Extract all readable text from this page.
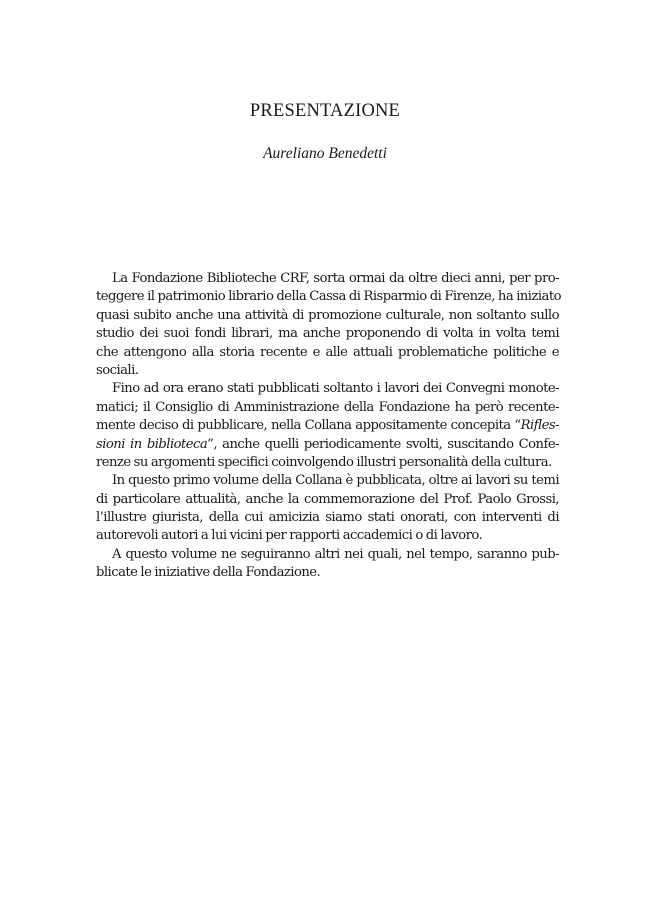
PRESENTAZIONE
Aureliano Benedetti
La Fondazione Biblioteche CRF, sorta ormai da oltre dieci anni, per pro-
teggere il patrimonio librario della Cassa di Risparmio di Firenze, ha iniziato
quasi subito anche una attività di promozione culturale, non soltanto sullo
studio dei suoi fondi librari, ma anche proponendo di volta in volta temi
che attengono alla storia recente e alle attuali problematiche politiche e
sociali.
Fino ad ora erano stati pubblicati soltanto i lavori dei Convegni monote-
matici; il Consiglio di Amministrazione della Fondazione ha però recente-
mente deciso di pubblicare, nella Collana appositamente concepita “Rifles-
sioni in biblioteca”, anche quelli periodicamente svolti, suscitando Confe-
renze su argomenti specifici coinvolgendo illustri personalità della cultura.
In questo primo volume della Collana è pubblicata, oltre ai lavori su temi
di particolare attualità, anche la commemorazione del Prof. Paolo Grossi,
l’illustre giurista, della cui amicizia siamo stati onorati, con interventi di
autorevoli autori a lui vicini per rapporti accademici o di lavoro.
A questo volume ne seguiranno altri nei quali, nel tempo, saranno pub-
blicate le iniziative della Fondazione.
